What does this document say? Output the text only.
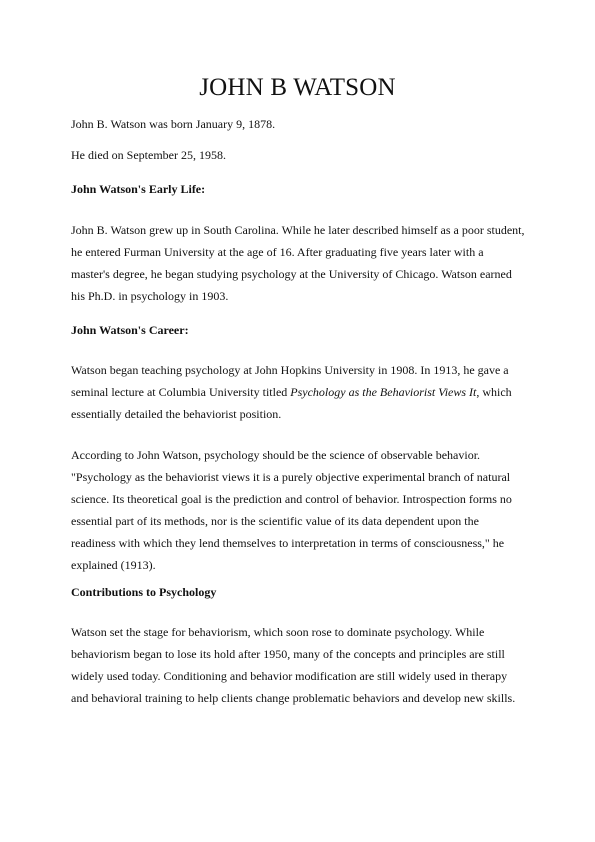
JOHN B WATSON

John B. Watson was born January 9, 1878.

He died on September 25, 1958.

John Watson's Early Life:

John B. Watson grew up in South Carolina. While he later described himself as a poor student,
he entered Furman University at the age of 16. After graduating five years later with a
master's degree, he began studying psychology at the University of Chicago. Watson earned
his Ph.D. in psychology in 1903.

John Watson's Career:

Watson began teaching psychology at John Hopkins University in 1908. In 1913, he gave a
seminal lecture at Columbia University titled Psychology as the Behaviorist Views It, which
essentially detailed the behaviorist position.
According to John Watson, psychology should be the science of observable behavior.
"Psychology as the behaviorist views it is a purely objective experimental branch of natural
science. Its theoretical goal is the prediction and control of behavior. Introspection forms no
essential part of its methods, nor is the scientific value of its data dependent upon the
readiness with which they lend themselves to interpretation in terms of consciousness," he
explained (1913).

Contributions to Psychology

Watson set the stage for behaviorism, which soon rose to dominate psychology. While
behaviorism began to lose its hold after 1950, many of the concepts and principles are still
widely used today. Conditioning and behavior modification are still widely used in therapy
and behavioral training to help clients change problematic behaviors and develop new skills.
